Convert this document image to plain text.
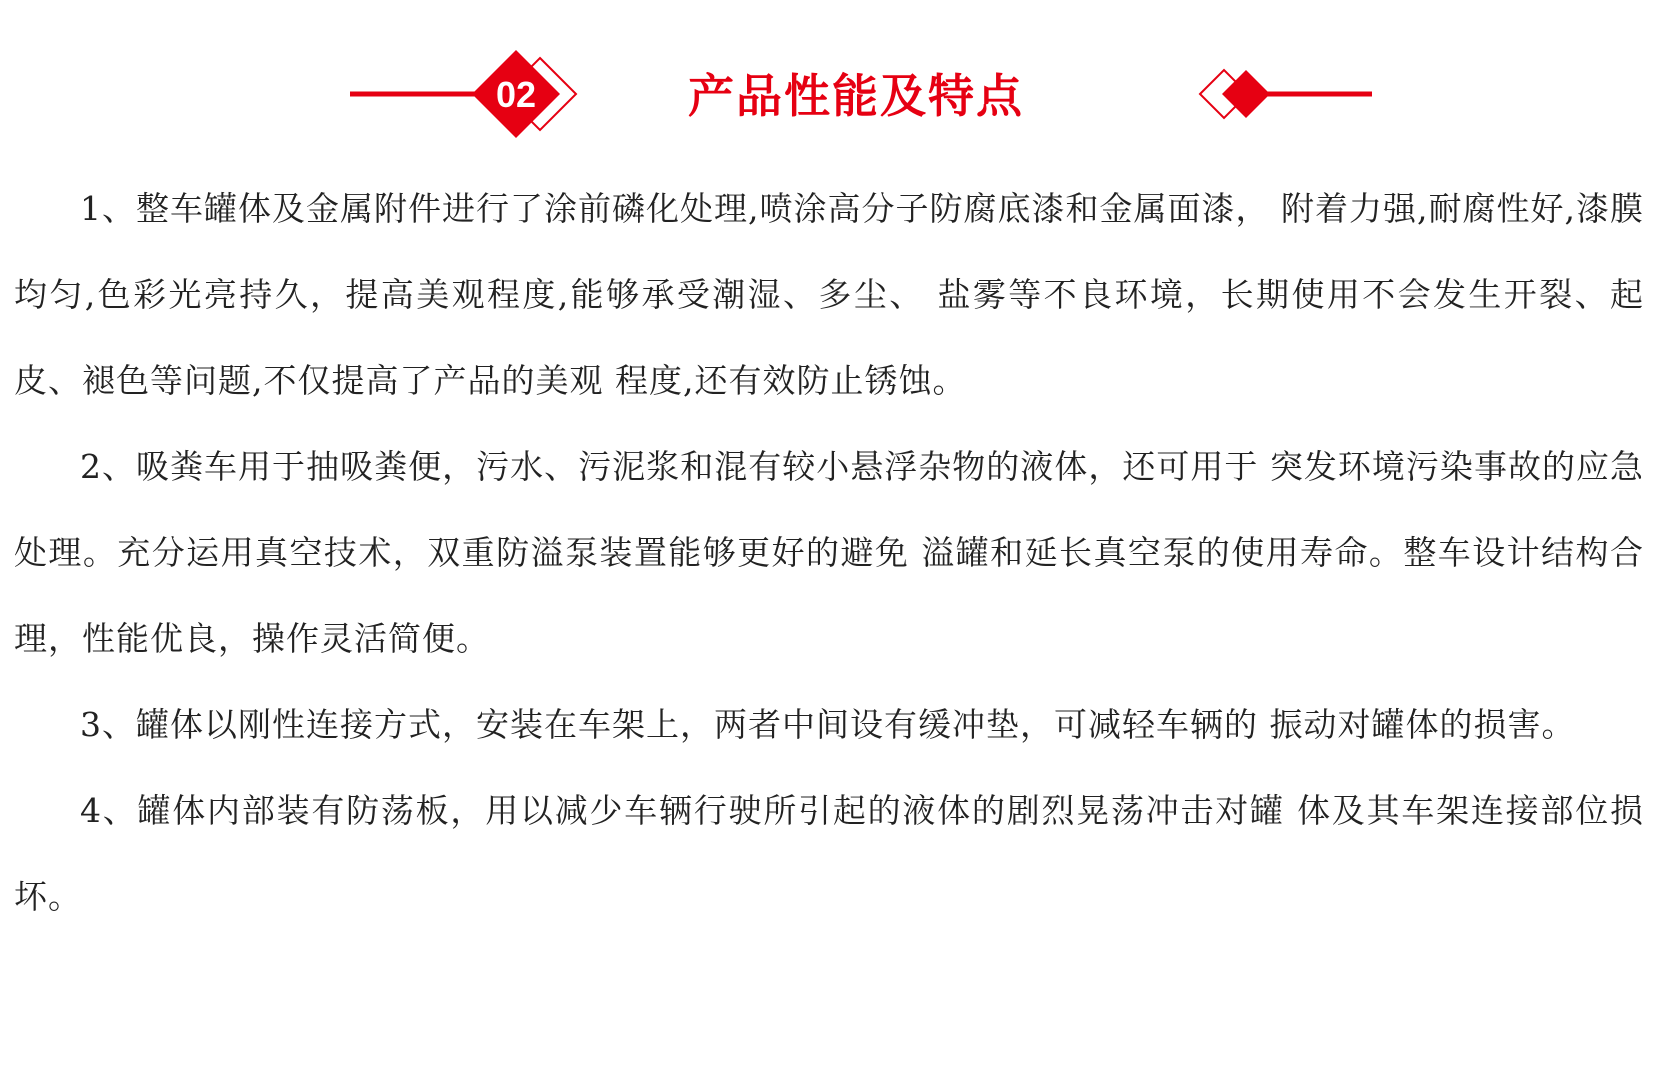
02	产品性能及特点

1、整车罐体及金属附件进行了涂前磷化处理,喷涂高分子防腐底漆和金属面漆， 附着力强,耐腐性好,漆膜均匀,色彩光亮持久，提高美观程度,能够承受潮湿、多尘、 盐雾等不良环境，长期使用不会发生开裂、起皮、褪色等问题,不仅提高了产品的美观 程度,还有效防止锈蚀。

2、吸粪车用于抽吸粪便，污水、污泥浆和混有较小悬浮杂物的液体，还可用于 突发环境污染事故的应急处理。充分运用真空技术，双重防溢泵装置能够更好的避免 溢罐和延长真空泵的使用寿命。整车设计结构合理，性能优良，操作灵活简便。

3、罐体以刚性连接方式，安装在车架上，两者中间设有缓冲垫，可减轻车辆的 振动对罐体的损害。

4、罐体内部装有防荡板，用以减少车辆行驶所引起的液体的剧烈晃荡冲击对罐 体及其车架连接部位损坏。
